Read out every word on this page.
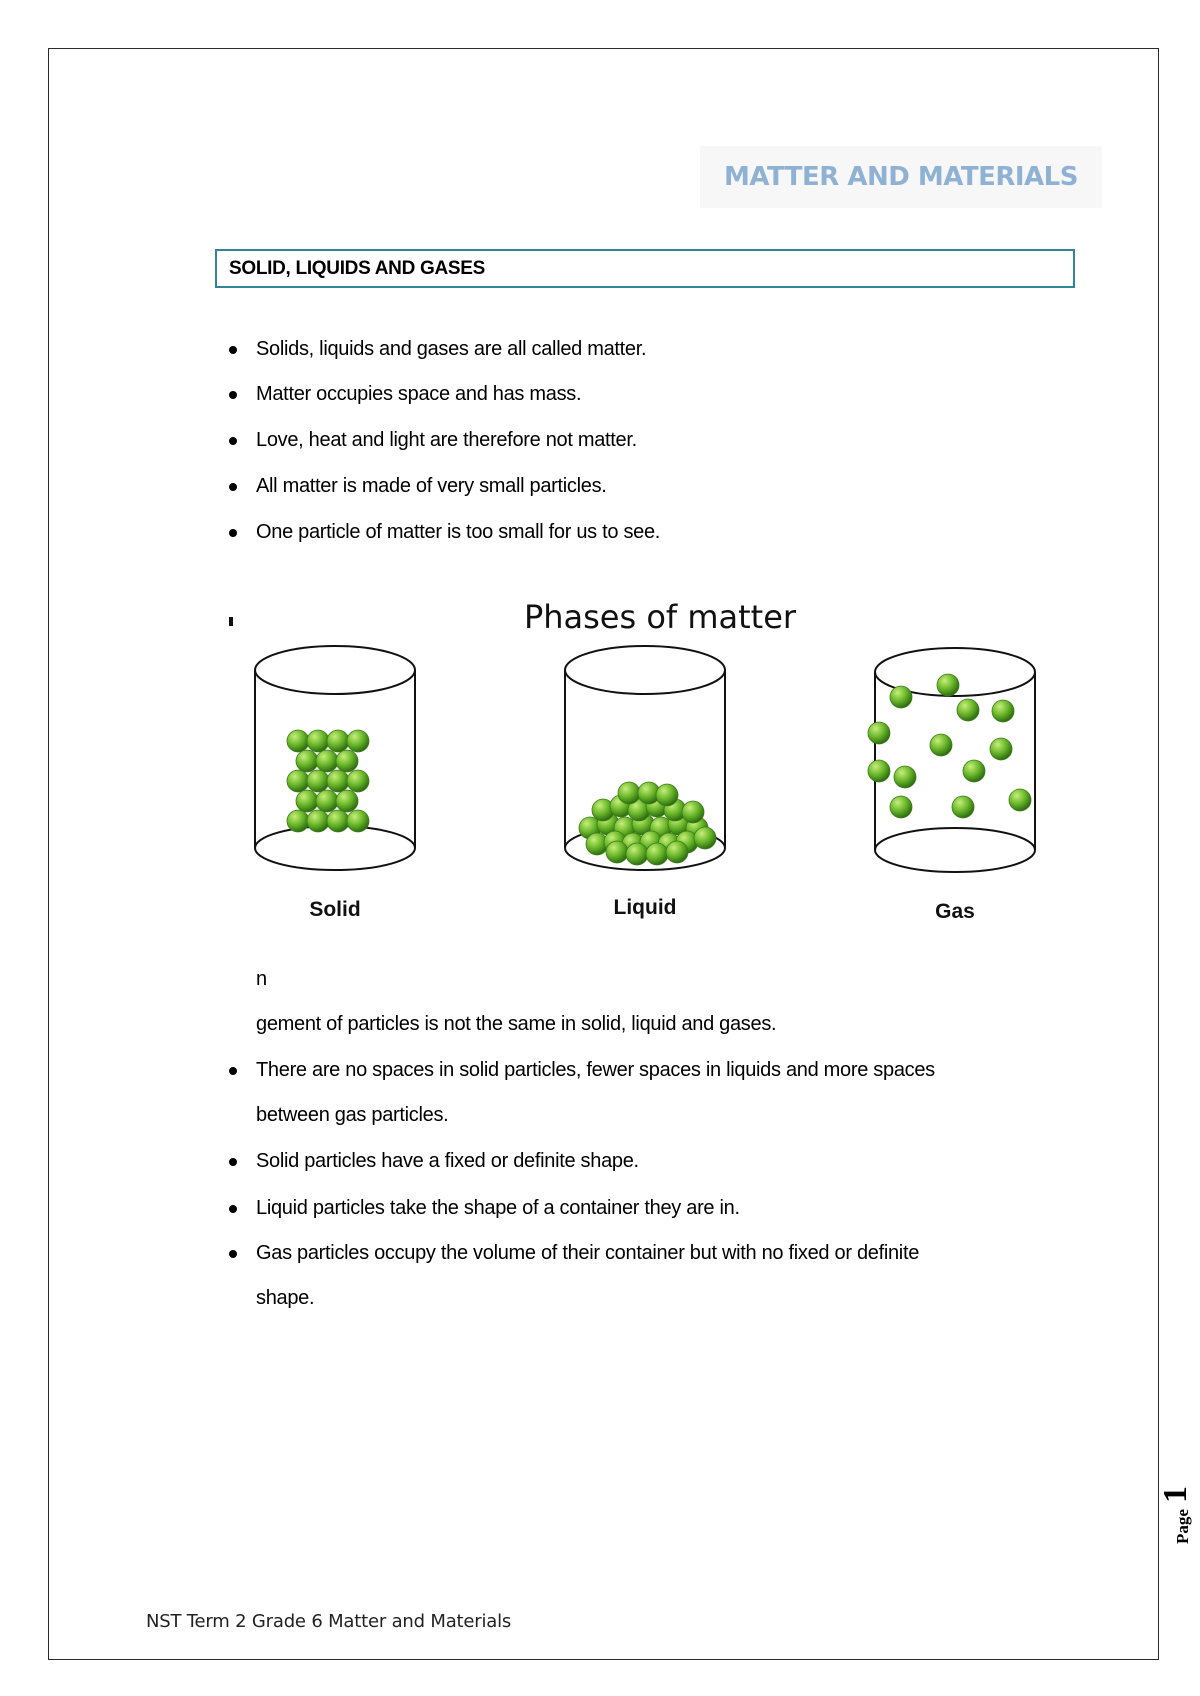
MATTER AND MATERIALS
SOLID, LIQUIDS AND GASES
Solids, liquids and gases are all called matter.
Matter occupies space and has mass.
Love, heat and light are therefore not matter.
All matter is made of very small particles.
One particle of matter is too small for us to see.
Phases of matter
Solid	Liquid	Gas
n
gement of particles is not the same in solid, liquid and gases.
There are no spaces in solid particles, fewer spaces in liquids and more spaces
between gas particles.
Solid particles have a fixed or definite shape.
Liquid particles take the shape of a container they are in.
Gas particles occupy the volume of their container but with no fixed or definite
shape.
Page
1
NST Term 2 Grade 6 Matter and Materials
